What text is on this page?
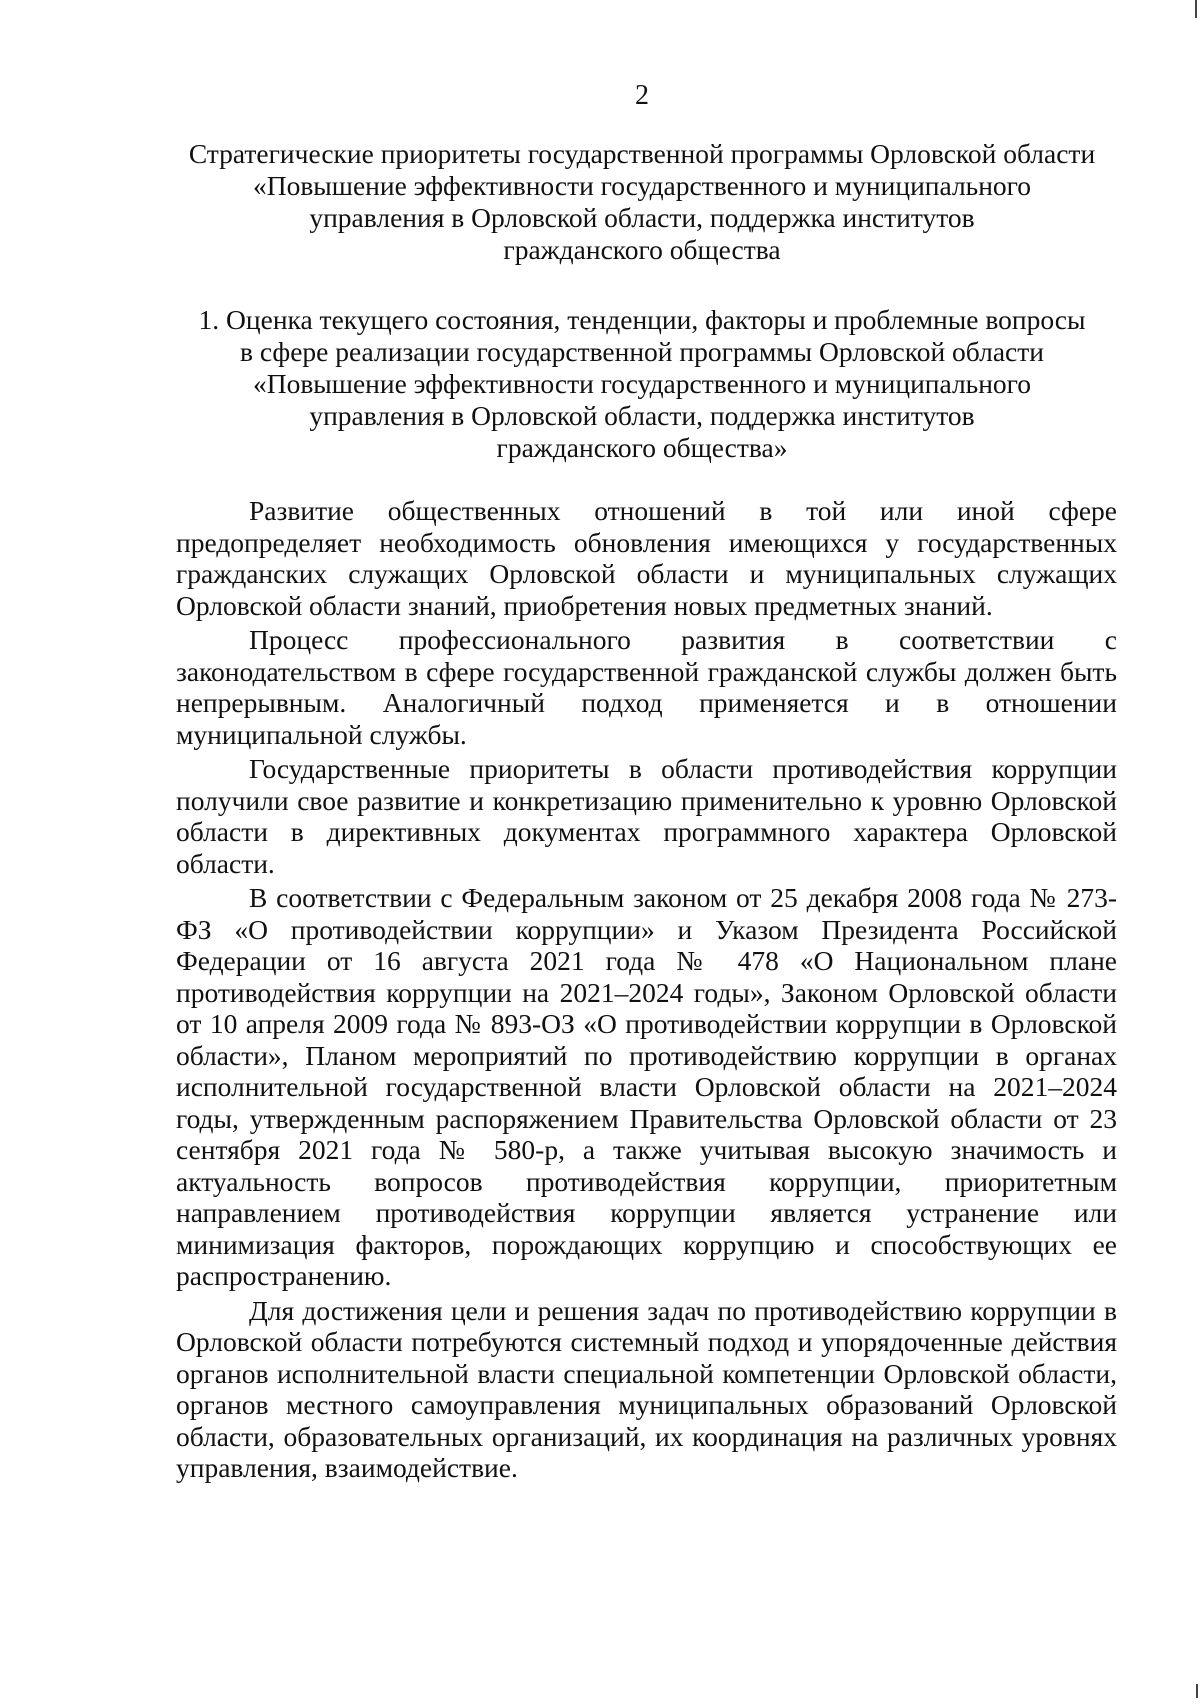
2
Стратегические приоритеты государственной программы Орловской области
«Повышение эффективности государственного и муниципального
управления в Орловской области, поддержка институтов
гражданского общества
1. Оценка текущего состояния, тенденции, факторы и проблемные вопросы
в сфере реализации государственной программы Орловской области
«Повышение эффективности государственного и муниципального
управления в Орловской области, поддержка институтов
гражданского общества»

Развитие общественных отношений в той или иной сфере предопределяет необходимость обновления имеющихся у государственных гражданских служащих Орловской области и муниципальных служащих Орловской области знаний, приобретения новых предметных знаний.

Процесс профессионального развития в соответствии с законодательством в сфере государственной гражданской службы должен быть непрерывным. Аналогичный подход применяется и в отношении муниципальной службы.

Государственные приоритеты в области противодействия коррупции получили свое развитие и конкретизацию применительно к уровню Орловской области в директивных документах программного характера Орловской области.

В соответствии с Федеральным законом от 25 декабря 2008 года № 273-ФЗ «О противодействии коррупции» и Указом Президента Российской Федерации от 16 августа 2021 года № 478 «О Национальном плане противодействия коррупции на 2021–2024 годы», Законом Орловской области от 10 апреля 2009 года № 893-ОЗ «О противодействии коррупции в Орловской области», Планом мероприятий по противодействию коррупции в органах исполнительной государственной власти Орловской области на 2021–2024 годы, утвержденным распоряжением Правительства Орловской области от 23 сентября 2021 года № 580-р, а также учитывая высокую значимость и актуальность вопросов противодействия коррупции, приоритетным направлением противодействия коррупции является устранение или минимизация факторов, порождающих коррупцию и способствующих ее распространению.

Для достижения цели и решения задач по противодействию коррупции в Орловской области потребуются системный подход и упорядоченные действия органов исполнительной власти специальной компетенции Орловской области, органов местного самоуправления муниципальных образований Орловской области, образовательных организаций, их координация на различных уровнях управления, взаимодействие.
